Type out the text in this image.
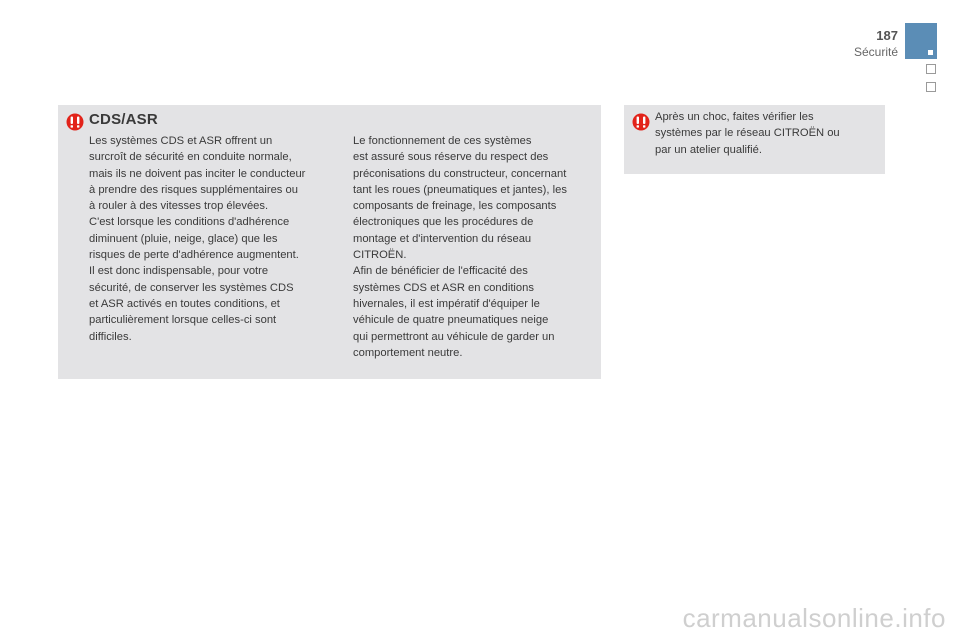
187
Sécurité
CDS/ASR
Les systèmes CDS et ASR offrent un
surcroît de sécurité en conduite normale,
mais ils ne doivent pas inciter le conducteur
à prendre des risques supplémentaires ou
à rouler à des vitesses trop élevées.
C'est lorsque les conditions d'adhérence
diminuent (pluie, neige, glace) que les
risques de perte d'adhérence augmentent.
Il est donc indispensable, pour votre
sécurité, de conserver les systèmes CDS
et ASR activés en toutes conditions, et
particulièrement lorsque celles-ci sont
difficiles.
Le fonctionnement de ces systèmes
est assuré sous réserve du respect des
préconisations du constructeur, concernant
tant les roues (pneumatiques et jantes), les
composants de freinage, les composants
électroniques que les procédures de
montage et d'intervention du réseau
CITROËN.
Afin de bénéficier de l'efficacité des
systèmes CDS et ASR en conditions
hivernales, il est impératif d'équiper le
véhicule de quatre pneumatiques neige
qui permettront au véhicule de garder un
comportement neutre.
Après un choc, faites vérifier les
systèmes par le réseau CITROËN ou
par un atelier qualifié.
carmanualsonline.info
